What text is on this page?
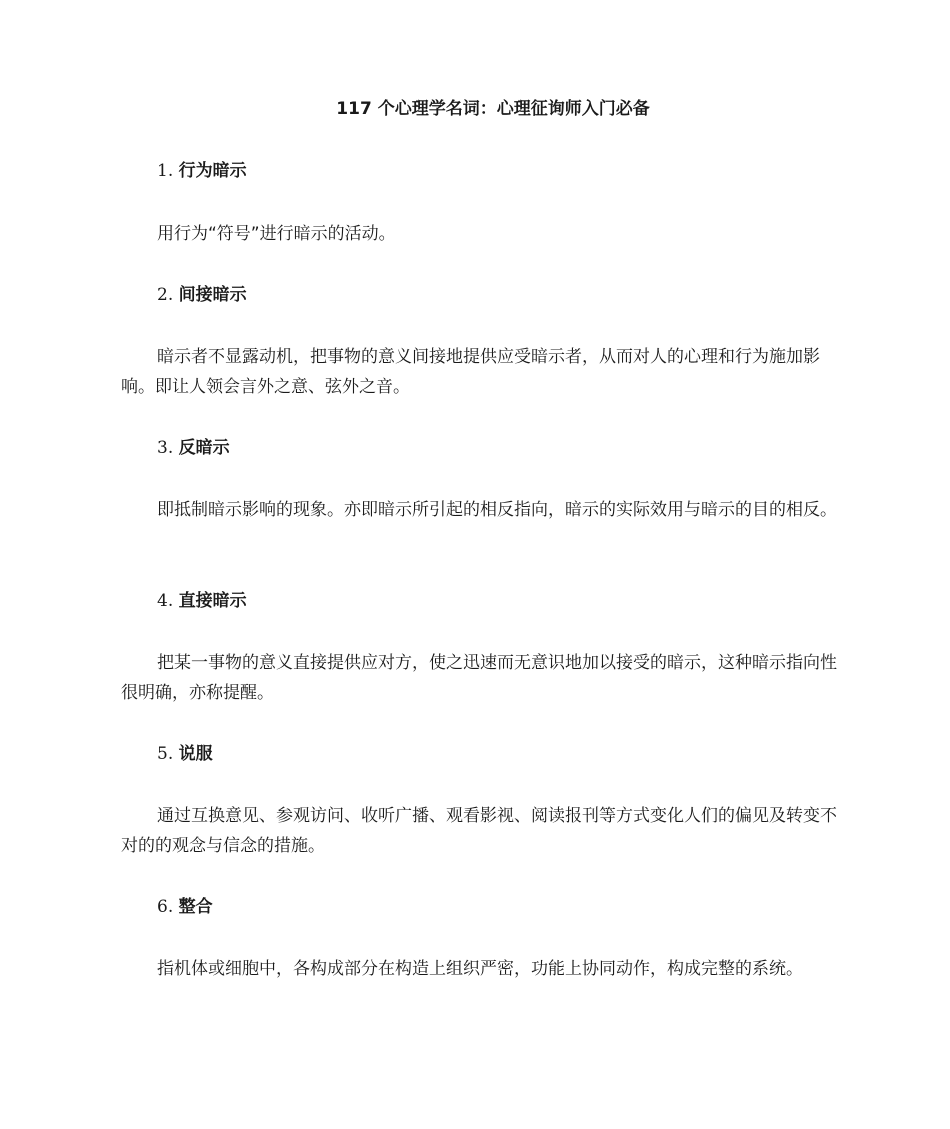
117 个心理学名词：心理征询师入门必备

1. 行为暗示

用行为“符号”进行暗示的活动。

2. 间接暗示

暗示者不显露动机，把事物的意义间接地提供应受暗示者，从而对人的心理和行为施加影响。即让人领会言外之意、弦外之音。

3. 反暗示

即抵制暗示影响的现象。亦即暗示所引起的相反指向，暗示的实际效用与暗示的目的相反。

4. 直接暗示

把某一事物的意义直接提供应对方，使之迅速而无意识地加以接受的暗示，这种暗示指向性很明确，亦称提醒。

5. 说服

通过互换意见、参观访问、收听广播、观看影视、阅读报刊等方式变化人们的偏见及转变不对的的观念与信念的措施。

6. 整合

指机体或细胞中，各构成部分在构造上组织严密，功能上协同动作，构成完整的系统。
